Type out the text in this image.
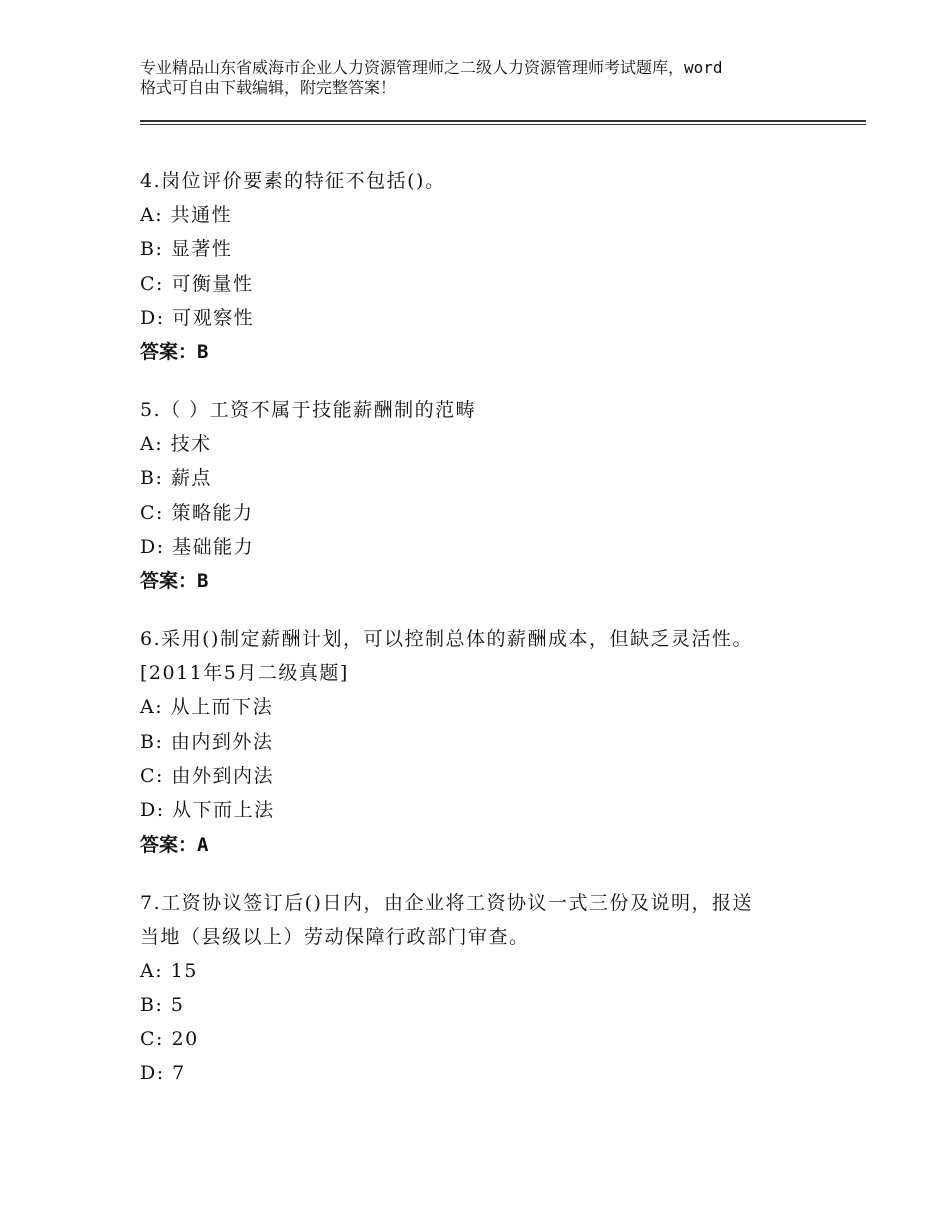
专业精品山东省威海市企业人力资源管理师之二级人力资源管理师考试题库，word
格式可自由下载编辑，附完整答案！
4.岗位评价要素的特征不包括()。
A: 共通性
B: 显著性
C: 可衡量性
D: 可观察性
答案：B
5.（ ）工资不属于技能薪酬制的范畴
A: 技术
B: 薪点
C: 策略能力
D: 基础能力
答案：B
6.采用()制定薪酬计划，可以控制总体的薪酬成本，但缺乏灵活性。
[2011年5月二级真题]
A: 从上而下法
B: 由内到外法
C: 由外到内法
D: 从下而上法
答案：A
7.工资协议签订后()日内，由企业将工资协议一式三份及说明，报送
当地（县级以上）劳动保障行政部门审查。
A: 15
B: 5
C: 20
D: 7
